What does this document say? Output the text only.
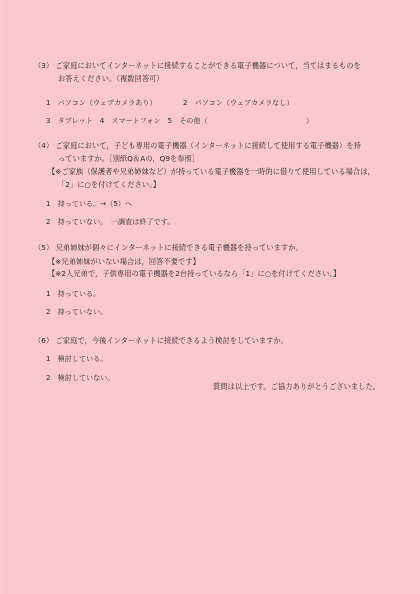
（3） ご家庭においてインターネットに接続することができる電子機器について，当てはまるものを
お答えください。（複数回答可）
1　パソコン（ウェブカメラあり）	2　パソコン（ウェブカメラなし）
3　タブレット　4　スマートフォン　5　その他（	）
（4） ご家庭において，子ども専用の電子機器（インターネットに接続して使用する電子機器）を持
っていますか。［別紙Q＆Aの，Q9を参照］
【※ご家族（保護者や兄弟姉妹など）が持っている電子機器を一時的に借りて使用している場合は，
「2」に○を付けてください。】
1　持っている。→（5）へ
2　持っていない。　一調査は終了です。
（5） 兄弟姉妹が個々にインターネットに接続できる電子機器を持っていますか。
【※兄弟姉妹がいない場合は，回答不要です】
【※2人兄弟で，子供専用の電子機器を2台持っているなら「1」に○を付けてください。】
1　持っている。
2　持っていない。
（6） ご家庭で，今後インターネットに接続できるよう検討をしていますか。
1　検討している。
2　検討していない。
質問は以上です。ご協力ありがとうございました。
